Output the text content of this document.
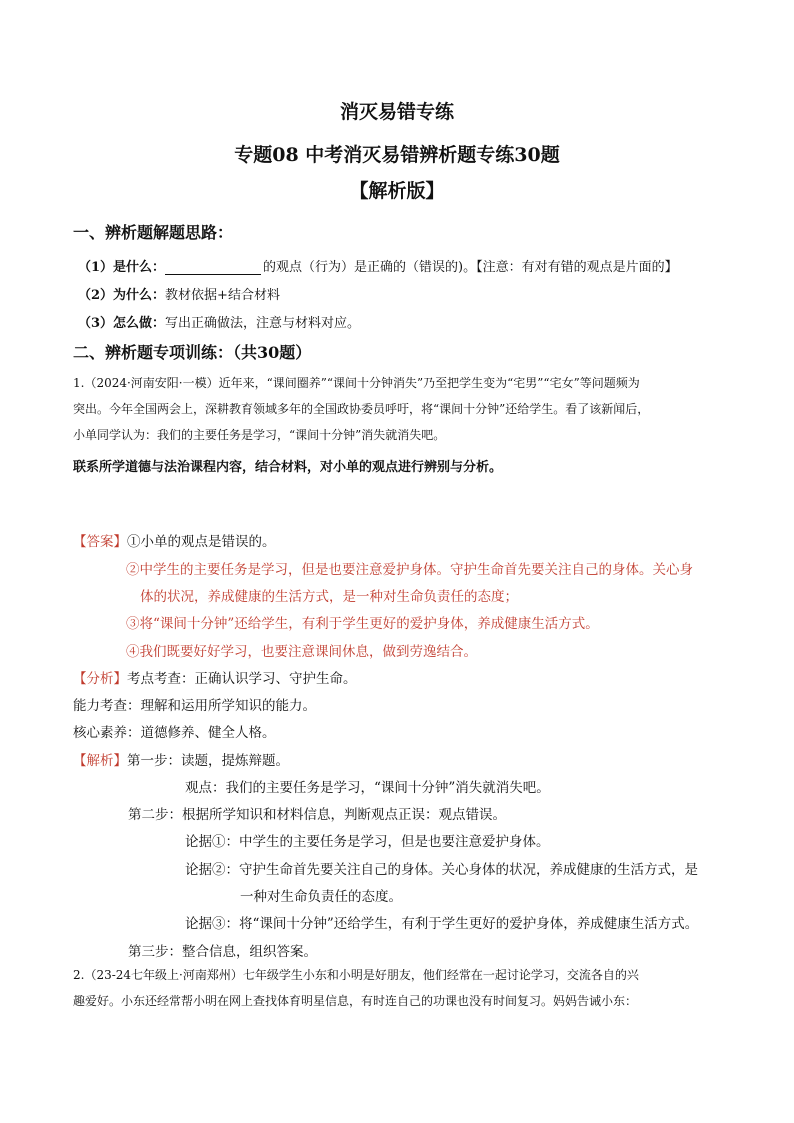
消灭易错专练
专题08 中考消灭易错辨析题专练30题
【解析版】
一、辨析题解题思路：
（1）是什么：	的观点（行为）是正确的（错误的)。【注意：有对有错的观点是片面的】
（2）为什么：教材依据+结合材料
（3）怎么做：写出正确做法，注意与材料对应。
二、辨析题专项训练：（共30题）
1.（2024·河南安阳·一模）近年来，“课间圈养”“课间十分钟消失”乃至把学生变为“宅男”“宅女”等问题频为
突出。今年全国两会上，深耕教育领域多年的全国政协委员呼吁，将“课间十分钟”还给学生。看了该新闻后，
小单同学认为：我们的主要任务是学习，“课间十分钟”消失就消失吧。
联系所学道德与法治课程内容，结合材料，对小单的观点进行辨别与分析。
【答案】①小单的观点是错误的。
②中学生的主要任务是学习，但是也要注意爱护身体。守护生命首先要关注自己的身体。关心身
体的状况，养成健康的生活方式，是一种对生命负责任的态度；
③将“课间十分钟”还给学生，有利于学生更好的爱护身体，养成健康生活方式。
④我们既要好好学习，也要注意课间休息，做到劳逸结合。
【分析】考点考查：正确认识学习、守护生命。
能力考查：理解和运用所学知识的能力。
核心素养：道德修养、健全人格。
【解析】第一步：读题，提炼辩题。
观点：我们的主要任务是学习，“课间十分钟”消失就消失吧。
第二步：根据所学知识和材料信息，判断观点正误：观点错误。
论据①：中学生的主要任务是学习，但是也要注意爱护身体。
论据②：守护生命首先要关注自己的身体。关心身体的状况，养成健康的生活方式，是
一种对生命负责任的态度。
论据③：将“课间十分钟”还给学生，有利于学生更好的爱护身体，养成健康生活方式。
第三步：整合信息，组织答案。
2.（23-24七年级上·河南郑州）七年级学生小东和小明是好朋友，他们经常在一起讨论学习，交流各自的兴
趣爱好。小东还经常帮小明在网上查找体育明星信息，有时连自己的功课也没有时间复习。妈妈告诫小东：
